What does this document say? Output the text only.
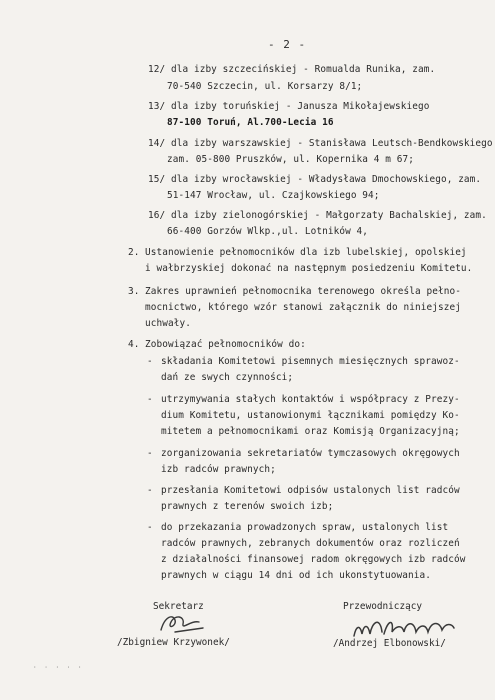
- 2 -
12/ dla izby szczecińskiej - Romualda Runika, zam.
70-540 Szczecin, ul. Korsarzy 8/1;
13/ dla izby toruńskiej - Janusza Mikołajewskiego
87-100 Toruń, Al.700-Lecia 16
14/ dla izby warszawskiej - Stanisława Leutsch-Bendkowskiego
zam. 05-800 Pruszków, ul. Kopernika 4 m 67;
15/ dla izby wrocławskiej - Władysława Dmochowskiego, zam.
51-147 Wrocław, ul. Czajkowskiego 94;
16/ dla izby zielonogórskiej - Małgorzaty Bachalskiej, zam.
66-400 Gorzów Wlkp.,ul. Lotników 4,
2. Ustanowienie pełnomocników dla izb lubelskiej, opolskiej
i wałbrzyskiej dokonać na następnym posiedzeniu Komitetu.
3. Zakres uprawnień pełnomocnika terenowego określa pełno-
mocnictwo, którego wzór stanowi załącznik do niniejszej
uchwały.
4. Zobowiązać pełnomocników do:
- składania Komitetowi pisemnych miesięcznych sprawoz-
dań ze swych czynności;
- utrzymywania stałych kontaktów i współpracy z Prezy-
dium Komitetu, ustanowionymi łącznikami pomiędzy Ko-
mitetem a pełnomocnikami oraz Komisją Organizacyjną;
- zorganizowania sekretariatów tymczasowych okręgowych
izb radców prawnych;
- przesłania Komitetowi odpisów ustalonych list radców
prawnych z terenów swoich izb;
- do przekazania prowadzonych spraw, ustalonych list
radców prawnych, zebranych dokumentów oraz rozliczeń
z działalności finansowej radom okręgowych izb radców
prawnych w ciągu 14 dni od ich ukonstytuowania.
Sekretarz
/Zbigniew Krzywonek/
Przewodniczący
/Andrzej Elbonowski/
· · · · ·
